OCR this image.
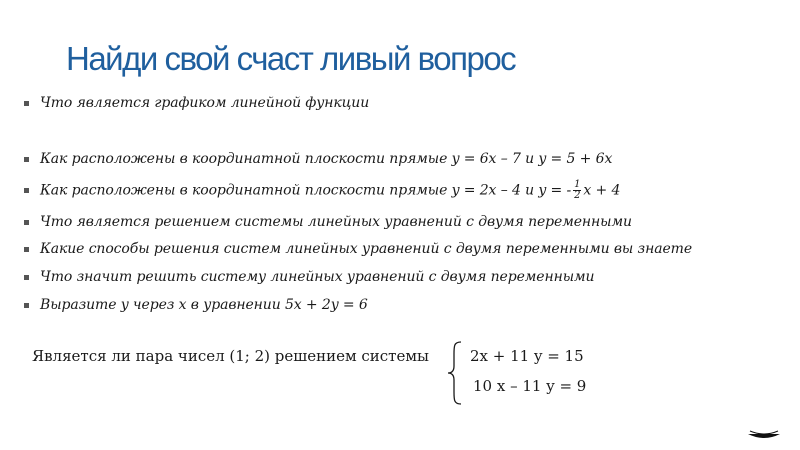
Найди свой счаст ливый вопрос
Что является графиком линейной функции
Как расположены в координатной плоскости прямые y = 6x – 7 и y = 5 + 6x
Как расположены в координатной плоскости прямые y = 2x – 4 и y = - $\frac{1}{2}$ x + 4
Что является решением системы линейных уравнений с двумя переменными
Какие способы решения систем линейных уравнений с двумя переменными вы знаете
Что значит решить систему линейных уравнений с двумя переменными
Выразите y через x в уравнении 5x + 2y = 6
Является ли пара чисел (1; 2) решением системы	2x + 11 y = 15
10 x – 11 y = 9
